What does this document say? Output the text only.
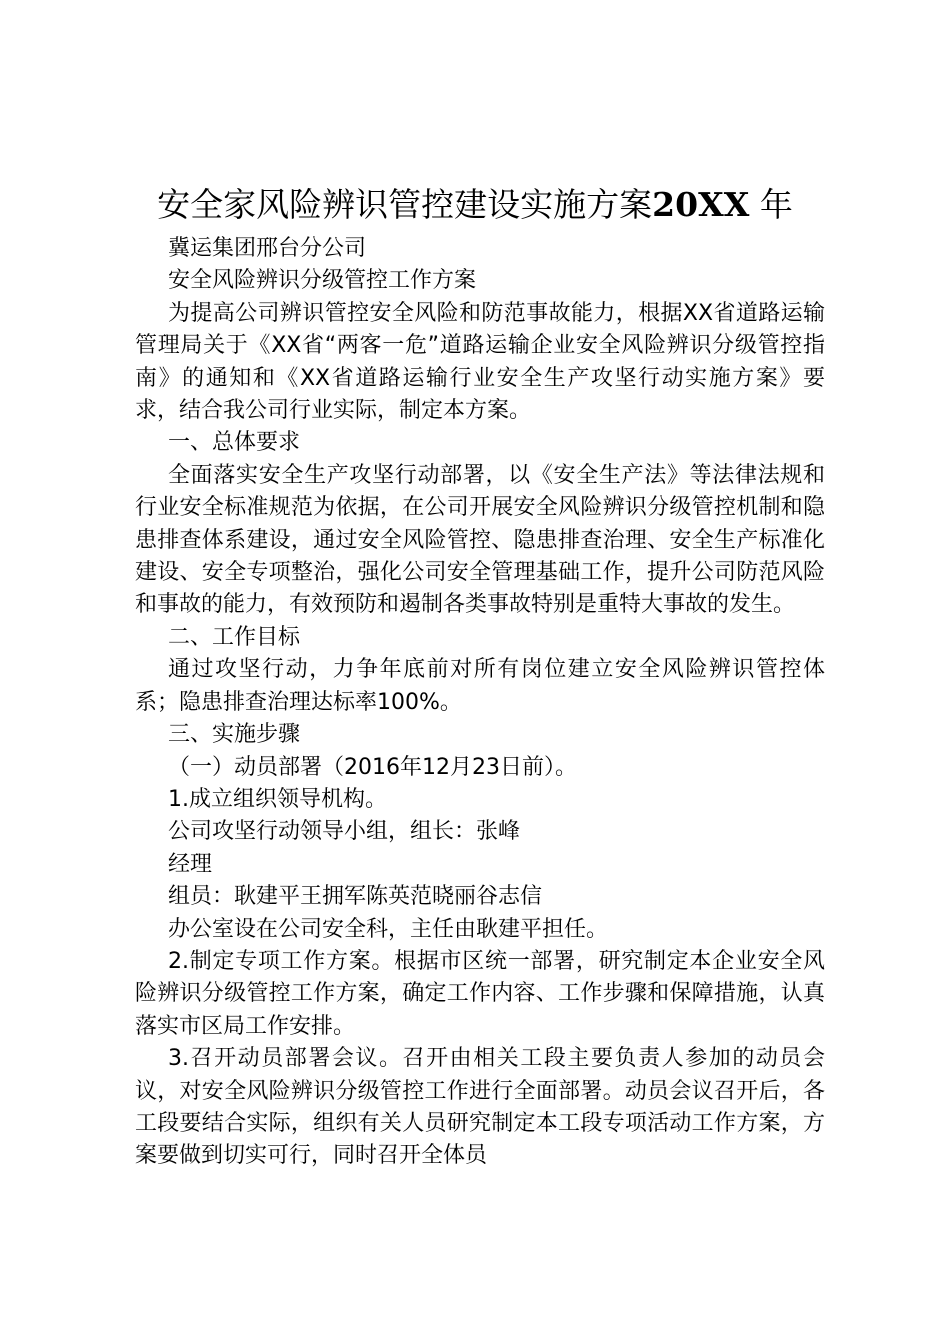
安全家风险辨识管控建设实施方案20XX 年

冀运集团邢台分公司

安全风险辨识分级管控工作方案

为提高公司辨识管控安全风险和防范事故能力，根据XX省道路运输管理局关于《XX省“两客一危”道路运输企业安全风险辨识分级管控指南》的通知和《XX省道路运输行业安全生产攻坚行动实施方案》要求，结合我公司行业实际，制定本方案。

一、总体要求

全面落实安全生产攻坚行动部署，以《安全生产法》等法律法规和行业安全标准规范为依据，在公司开展安全风险辨识分级管控机制和隐患排查体系建设，通过安全风险管控、隐患排查治理、安全生产标准化建设、安全专项整治，强化公司安全管理基础工作，提升公司防范风险和事故的能力，有效预防和遏制各类事故特别是重特大事故的发生。

二、工作目标

通过攻坚行动，力争年底前对所有岗位建立安全风险辨识管控体系；隐患排查治理达标率100%。

三、实施步骤

（一）动员部署（2016年12月23日前）。

1.成立组织领导机构。

公司攻坚行动领导小组，组长：张峰

经理

组员：耿建平王拥军陈英范晓丽谷志信

办公室设在公司安全科，主任由耿建平担任。

2.制定专项工作方案。根据市区统一部署，研究制定本企业安全风险辨识分级管控工作方案，确定工作内容、工作步骤和保障措施，认真落实市区局工作安排。

3.召开动员部署会议。召开由相关工段主要负责人参加的动员会议，对安全风险辨识分级管控工作进行全面部署。动员会议召开后，各工段要结合实际，组织有关人员研究制定本工段专项活动工作方案，方案要做到切实可行，同时召开全体员
